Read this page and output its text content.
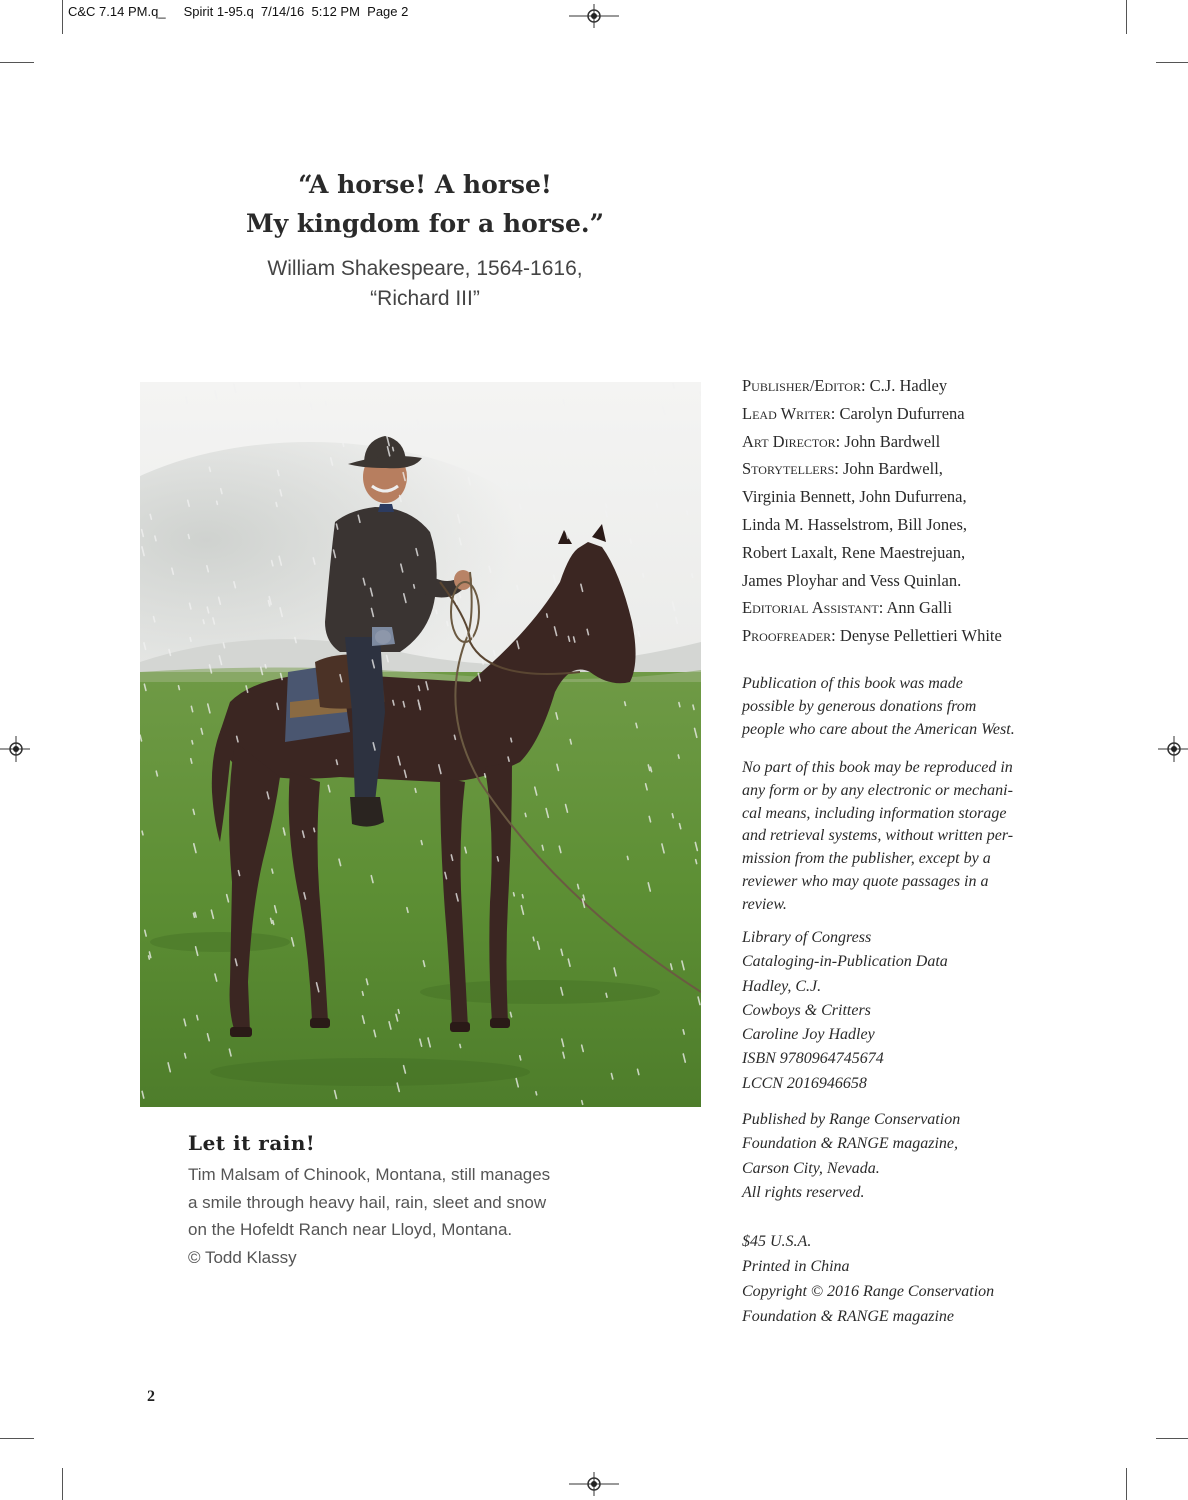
C&C 7.14 PM.q_     Spirit 1-95.q  7/14/16  5:12 PM  Page 2
“A horse! A horse!
My kingdom for a horse.”
William Shakespeare, 1564-1616,
“Richard III”
Let it rain!
Tim Malsam of Chinook, Montana, still manages
a smile through heavy hail, rain, sleet and snow
on the Hofeldt Ranch near Lloyd, Montana.
© Todd Klassy
Publisher/Editor: C.J. Hadley
Lead Writer: Carolyn Dufurrena
Art Director: John Bardwell
Storytellers: John Bardwell,
Virginia Bennett, John Dufurrena,
Linda M. Hasselstrom, Bill Jones,
Robert Laxalt, Rene Maestrejuan,
James Ployhar and Vess Quinlan.
Editorial Assistant: Ann Galli
Proofreader: Denyse Pellettieri White
Publication of this book was made
possible by generous donations from
people who care about the American West.
No part of this book may be reproduced in
any form or by any electronic or mechani-
cal means, including information storage
and retrieval systems, without written per-
mission from the publisher, except by a
reviewer who may quote passages in a
review.
Library of Congress
Cataloging-in-Publication Data
Hadley, C.J.
Cowboys & Critters
Caroline Joy Hadley
ISBN 9780964745674
LCCN 2016946658
Published by Range Conservation
Foundation & RANGE magazine,
Carson City, Nevada.
All rights reserved.
$45 U.S.A.
Printed in China
Copyright © 2016 Range Conservation
Foundation & RANGE magazine
2
